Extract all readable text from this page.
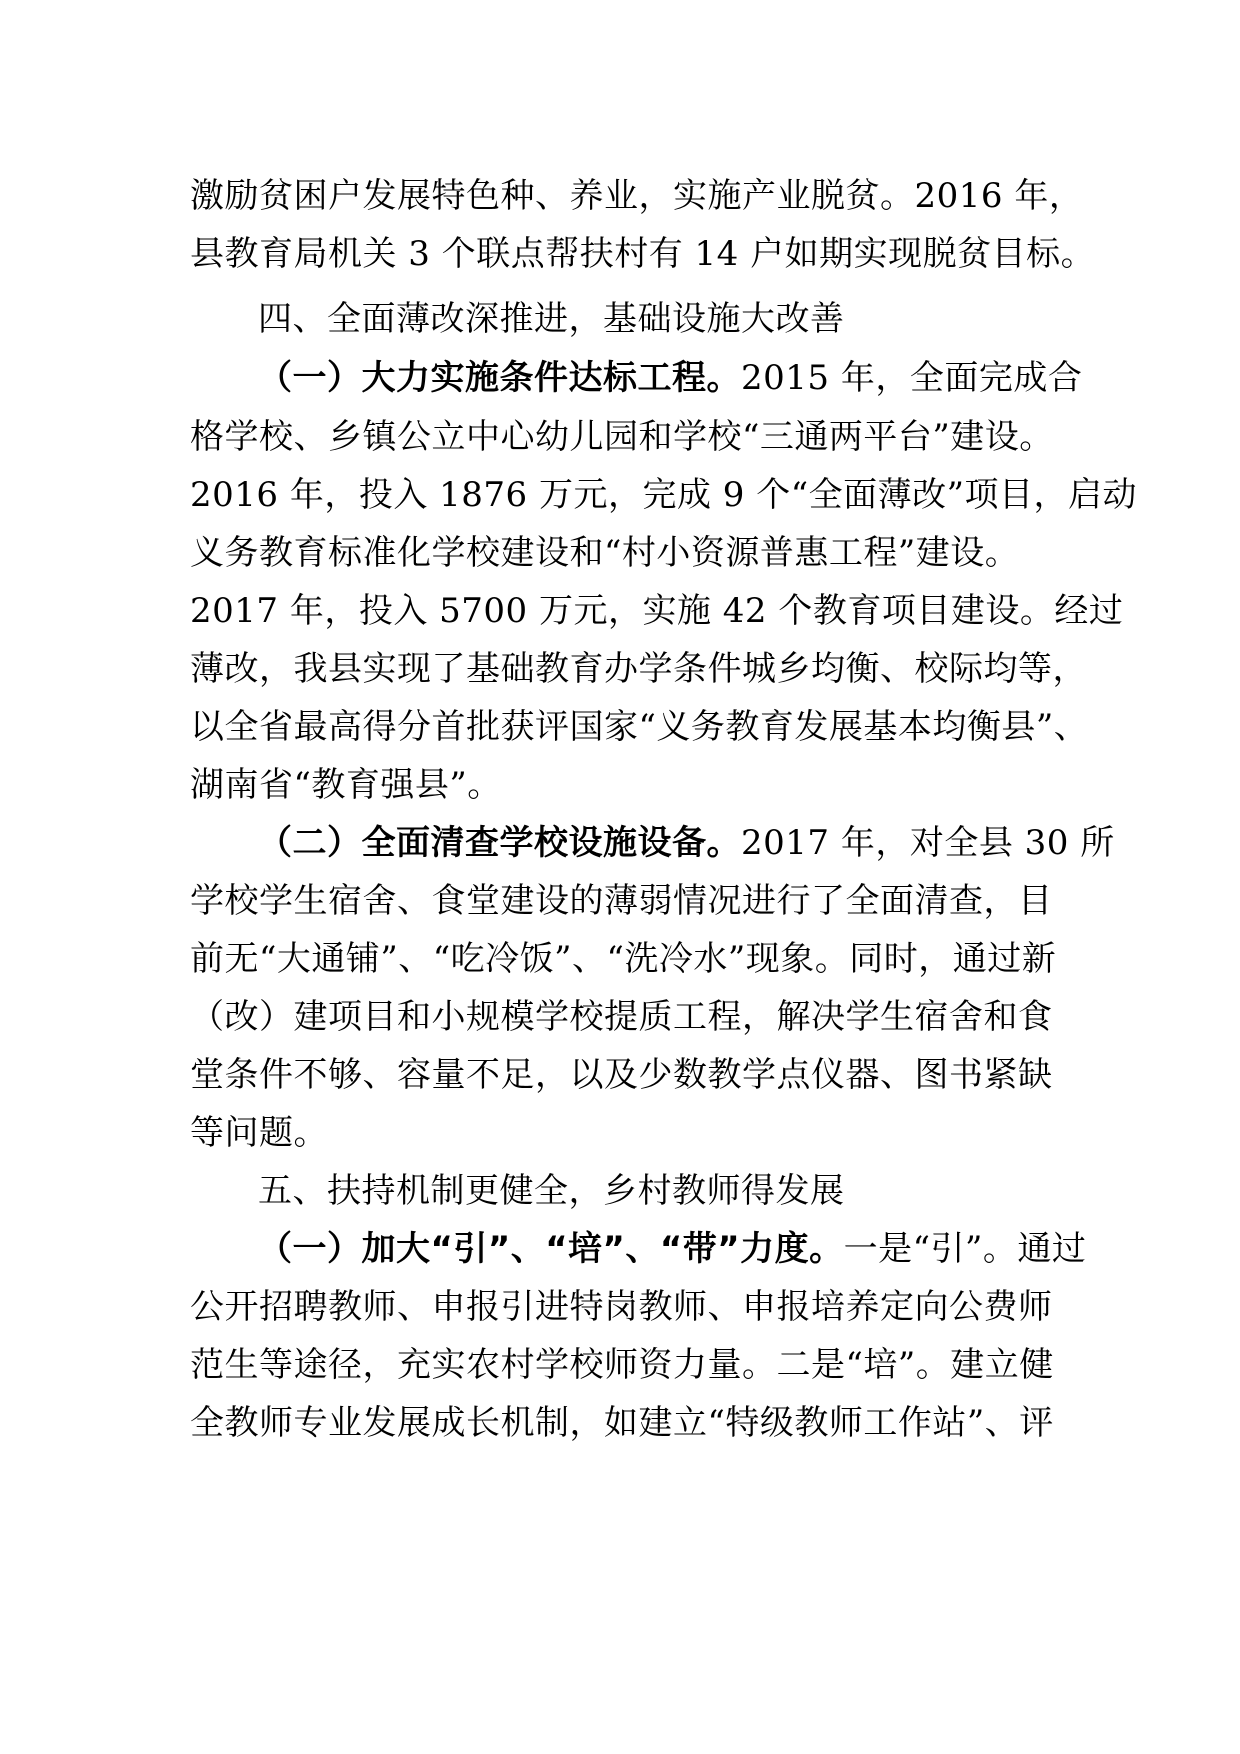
激励贫困户发展特色种、养业，实施产业脱贫。2016 年，
县教育局机关 3 个联点帮扶村有 14 户如期实现脱贫目标。
四、全面薄改深推进，基础设施大改善
（一）大力实施条件达标工程。2015 年，全面完成合
格学校、乡镇公立中心幼儿园和学校“三通两平台”建设。
2016 年，投入 1876 万元，完成 9 个“全面薄改”项目，启动
义务教育标准化学校建设和“村小资源普惠工程”建设。
2017 年，投入 5700 万元，实施 42 个教育项目建设。经过
薄改，我县实现了基础教育办学条件城乡均衡、校际均等，
以全省最高得分首批获评国家“义务教育发展基本均衡县”、
湖南省“教育强县”。
（二）全面清查学校设施设备。2017 年，对全县 30 所
学校学生宿舍、食堂建设的薄弱情况进行了全面清查，目
前无“大通铺”、“吃冷饭”、“洗冷水”现象。同时，通过新
（改）建项目和小规模学校提质工程，解决学生宿舍和食
堂条件不够、容量不足，以及少数教学点仪器、图书紧缺
等问题。
五、扶持机制更健全，乡村教师得发展
（一）加大“引”、“培”、“带”力度。一是“引”。通过
公开招聘教师、申报引进特岗教师、申报培养定向公费师
范生等途径，充实农村学校师资力量。二是“培”。建立健
全教师专业发展成长机制，如建立“特级教师工作站”、评
